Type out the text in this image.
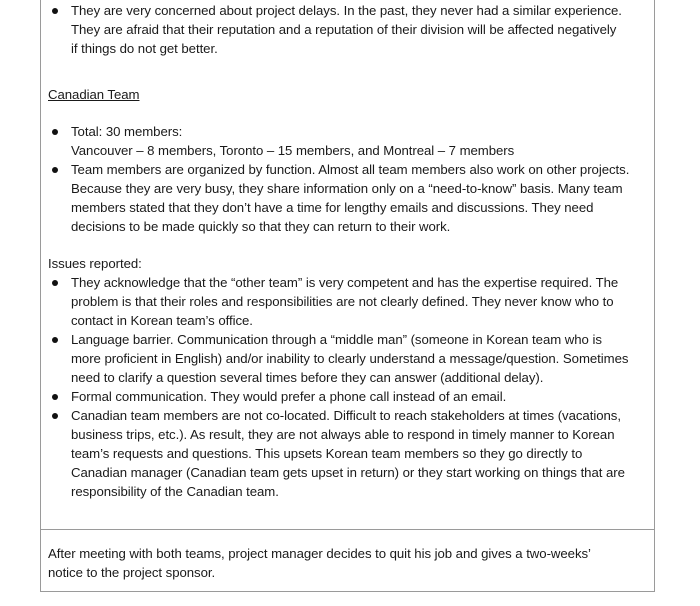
They are very concerned about project delays. In the past, they never had a similar experience.
They are afraid that their reputation and a reputation of their division will be affected negatively
if things do not get better.
Canadian Team
Total: 30 members:
Vancouver – 8 members, Toronto – 15 members, and Montreal – 7 members
Team members are organized by function. Almost all team members also work on other projects.
Because they are very busy, they share information only on a “need-to-know” basis. Many team
members stated that they don’t have a time for lengthy emails and discussions. They need
decisions to be made quickly so that they can return to their work.
Issues reported:
They acknowledge that the “other team” is very competent and has the expertise required. The
problem is that their roles and responsibilities are not clearly defined. They never know who to
contact in Korean team’s office.
Language barrier. Communication through a “middle man” (someone in Korean team who is
more proficient in English) and/or inability to clearly understand a message/question. Sometimes
need to clarify a question several times before they can answer (additional delay).
Formal communication. They would prefer a phone call instead of an email.
Canadian team members are not co-located. Difficult to reach stakeholders at times (vacations,
business trips, etc.). As result, they are not always able to respond in timely manner to Korean
team’s requests and questions. This upsets Korean team members so they go directly to
Canadian manager (Canadian team gets upset in return) or they start working on things that are
responsibility of the Canadian team.
After meeting with both teams, project manager decides to quit his job and gives a two-weeks’
notice to the project sponsor.
